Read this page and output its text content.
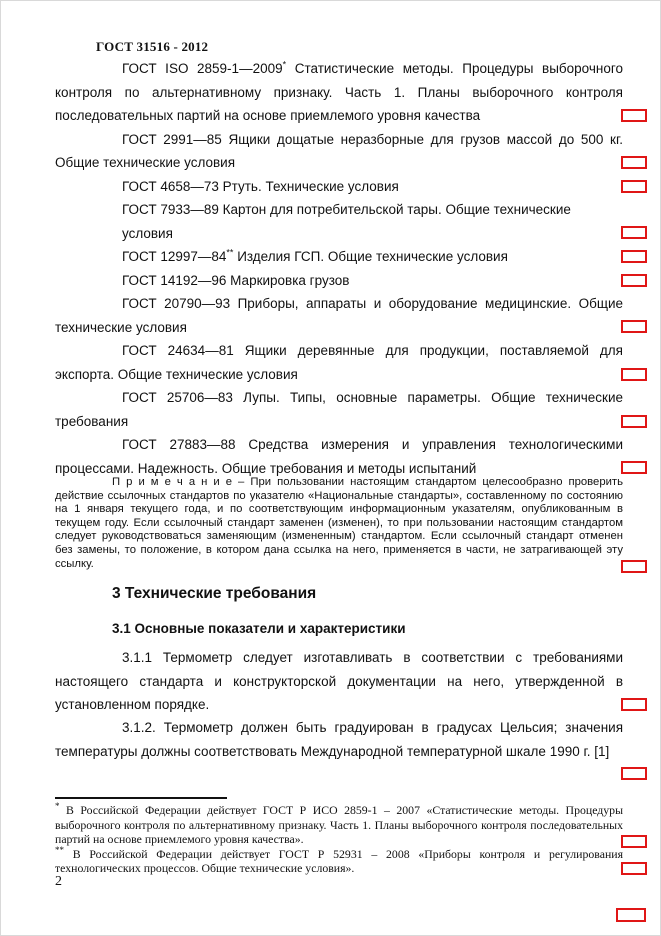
ГОСТ 31516 - 2012

ГОСТ ISO 2859-1—2009* Статистические методы. Процедуры выборочного контроля по альтернативному признаку. Часть 1. Планы выборочного контроля последовательных партий на основе приемлемого уровня качества

ГОСТ 2991—85 Ящики дощатые неразборные для грузов массой до 500 кг. Общие технические условия

ГОСТ 4658—73 Ртуть. Технические условия

ГОСТ 7933—89 Картон для потребительской тары. Общие технические
условия

ГОСТ 12997—84** Изделия ГСП. Общие технические условия

ГОСТ 14192—96 Маркировка грузов

ГОСТ 20790—93 Приборы, аппараты и оборудование медицинские. Общие технические условия

ГОСТ 24634—81 Ящики деревянные для продукции, поставляемой для экспорта. Общие технические условия

ГОСТ 25706—83 Лупы. Типы, основные параметры. Общие технические требования

ГОСТ 27883—88 Средства измерения и управления технологическими процессами. Надежность. Общие требования и методы испытаний

П р и м е ч а н и е – При пользовании настоящим стандартом целесообразно проверить действие ссылочных стандартов по указателю «Национальные стандарты», составленному по состоянию на 1 января текущего года, и по соответствующим информационным указателям, опубликованным в текущем году. Если ссылочный стандарт заменен (изменен), то при пользовании настоящим стандартом следует руководствоваться заменяющим (измененным) стандартом. Если ссылочный стандарт отменен без замены, то положение, в котором дана ссылка на него, применяется в части, не затрагивающей эту ссылку.
3 Технические требования
3.1 Основные показатели и характеристики

3.1.1 Термометр следует изготавливать в соответствии с требованиями настоящего стандарта и конструкторской документации на него, утвержденной в установленном порядке.

3.1.2. Термометр должен быть градуирован в градусах Цельсия; значения температуры должны соответствовать Международной температурной шкале 1990 г. [1]

* В Российской Федерации действует ГОСТ Р ИСО 2859-1 – 2007 «Статистические методы. Процедуры выборочного контроля по альтернативному признаку. Часть 1. Планы выборочного контроля последовательных партий на основе приемлемого уровня качества».

** В Российской Федерации действует ГОСТ Р 52931 – 2008 «Приборы контроля и регулирования технологических процессов. Общие технические условия».

2
